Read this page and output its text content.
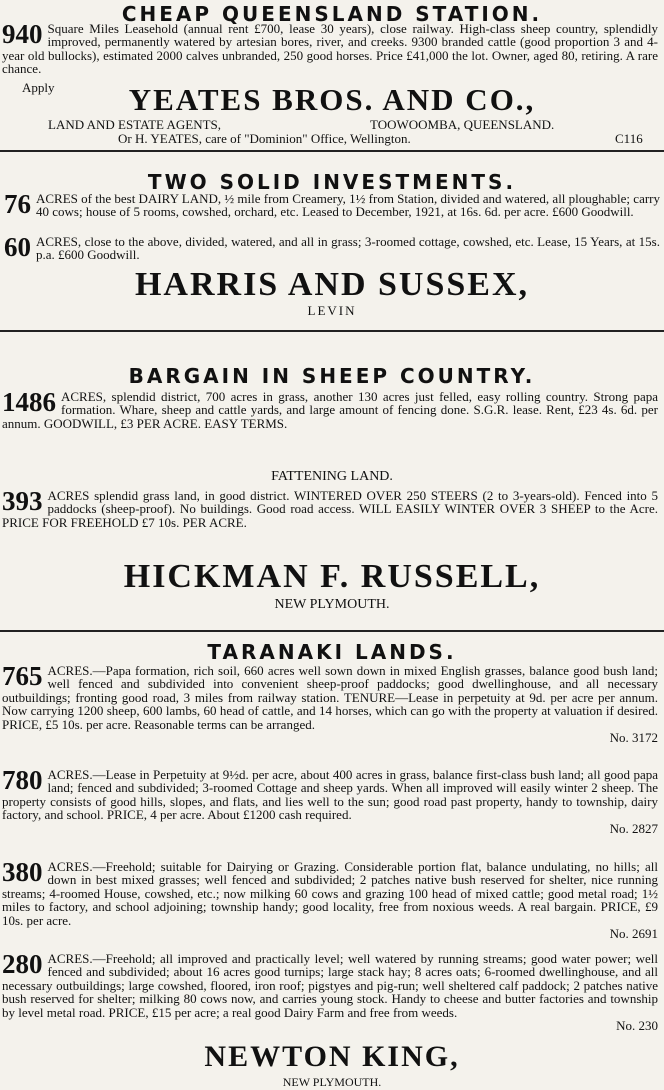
CHEAP QUEENSLAND STATION.
940 Square Miles Leasehold (annual rent £700, lease 30 years), close railway. High-class sheep country, splendidly improved, permanently watered by artesian bores, river, and creeks. 9300 branded cattle (good proportion 3 and 4-year old bullocks), estimated 2000 calves unbranded, 250 good horses. Price £41,000 the lot. Owner, aged 80, retiring. A rare chance.
Apply	YEATES BROS. AND CO.,
LAND AND ESTATE AGENTS,	TOOWOOMBA, QUEENSLAND.
Or H. YEATES, care of "Dominion" Office, Wellington.	C116
TWO SOLID INVESTMENTS.
76 ACRES of the best DAIRY LAND, ½ mile from Creamery, 1½ from Station, divided and watered, all ploughable; carry 40 cows; house of 5 rooms, cowshed, orchard, etc. Leased to December, 1921, at 16s. 6d. per acre. £600 Goodwill.
60 ACRES, close to the above, divided, watered, and all in grass; 3-roomed cottage, cowshed, etc. Lease, 15 Years, at 15s. p.a. £600 Goodwill.
HARRIS AND SUSSEX,
LEVIN
BARGAIN IN SHEEP COUNTRY.
1486 ACRES, splendid district, 700 acres in grass, another 130 acres just felled, easy rolling country. Strong papa formation. Whare, sheep and cattle yards, and large amount of fencing done. S.G.R. lease. Rent, £23 4s. 6d. per annum. GOODWILL, £3 PER ACRE. EASY TERMS.
FATTENING LAND.
393 ACRES splendid grass land, in good district. WINTERED OVER 250 STEERS (2 to 3-years-old). Fenced into 5 paddocks (sheep-proof). No buildings. Good road access. WILL EASILY WINTER OVER 3 SHEEP to the Acre. PRICE FOR FREEHOLD £7 10s. PER ACRE.
HICKMAN F. RUSSELL,
NEW PLYMOUTH.
TARANAKI LANDS.
765 ACRES.—Papa formation, rich soil, 660 acres well sown down in mixed English grasses, balance good bush land; well fenced and subdivided into convenient sheep-proof paddocks; good dwellinghouse, and all necessary outbuildings; fronting good road, 3 miles from railway station. TENURE—Lease in perpetuity at 9d. per acre per annum. Now carrying 1200 sheep, 600 lambs, 60 head of cattle, and 14 horses, which can go with the property at valuation if desired. PRICE, £5 10s. per acre. Reasonable terms can be arranged.
No. 3172
780 ACRES.—Lease in Perpetuity at 9½d. per acre, about 400 acres in grass, balance first-class bush land; all good papa land; fenced and subdivided; 3-roomed Cottage and sheep yards. When all improved will easily winter 2 sheep. The property consists of good hills, slopes, and flats, and lies well to the sun; good road past property, handy to township, dairy factory, and school. PRICE, 4 per acre. About £1200 cash required.
No. 2827
380 ACRES.—Freehold; suitable for Dairying or Grazing. Considerable portion flat, balance undulating, no hills; all down in best mixed grasses; well fenced and subdivided; 2 patches native bush reserved for shelter, nice running streams; 4-roomed House, cowshed, etc.; now milking 60 cows and grazing 100 head of mixed cattle; good metal road; 1½ miles to factory, and school adjoining; township handy; good locality, free from noxious weeds. A real bargain. PRICE, £9 10s. per acre.
No. 2691
280 ACRES.—Freehold; all improved and practically level; well watered by running streams; good water power; well fenced and subdivided; about 16 acres good turnips; large stack hay; 8 acres oats; 6-roomed dwellinghouse, and all necessary outbuildings; large cowshed, floored, iron roof; pigstyes and pig-run; well sheltered calf paddock; 2 patches native bush reserved for shelter; milking 80 cows now, and carries young stock. Handy to cheese and butter factories and township by level metal road. PRICE, £15 per acre; a real good Dairy Farm and free from weeds.
No. 230
NEWTON KING,
NEW PLYMOUTH.
